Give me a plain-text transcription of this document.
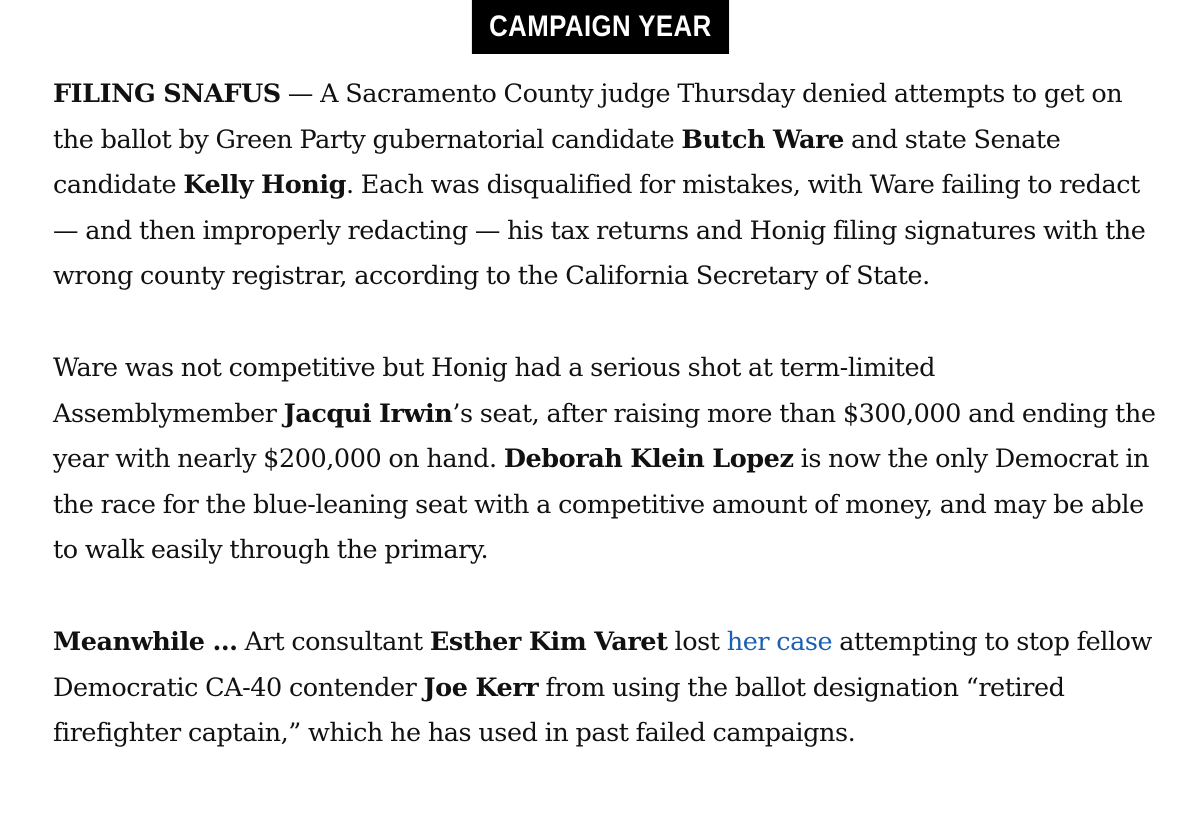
CAMPAIGN YEAR

FILING SNAFUS — A Sacramento County judge Thursday denied attempts to get on the ballot by Green Party gubernatorial candidate Butch Ware and state Senate candidate Kelly Honig. Each was disqualified for mistakes, with Ware failing to redact — and then improperly redacting — his tax returns and Honig filing signatures with the wrong county registrar, according to the California Secretary of State.

Ware was not competitive but Honig had a serious shot at term-limited Assemblymember Jacqui Irwin’s seat, after raising more than $300,000 and ending the year with nearly $200,000 on hand. Deborah Klein Lopez is now the only Democrat in the race for the blue-leaning seat with a competitive amount of money, and may be able to walk easily through the primary.

Meanwhile … Art consultant Esther Kim Varet lost her case attempting to stop fellow Democratic CA-40 contender Joe Kerr from using the ballot designation “retired firefighter captain,” which he has used in past failed campaigns.
